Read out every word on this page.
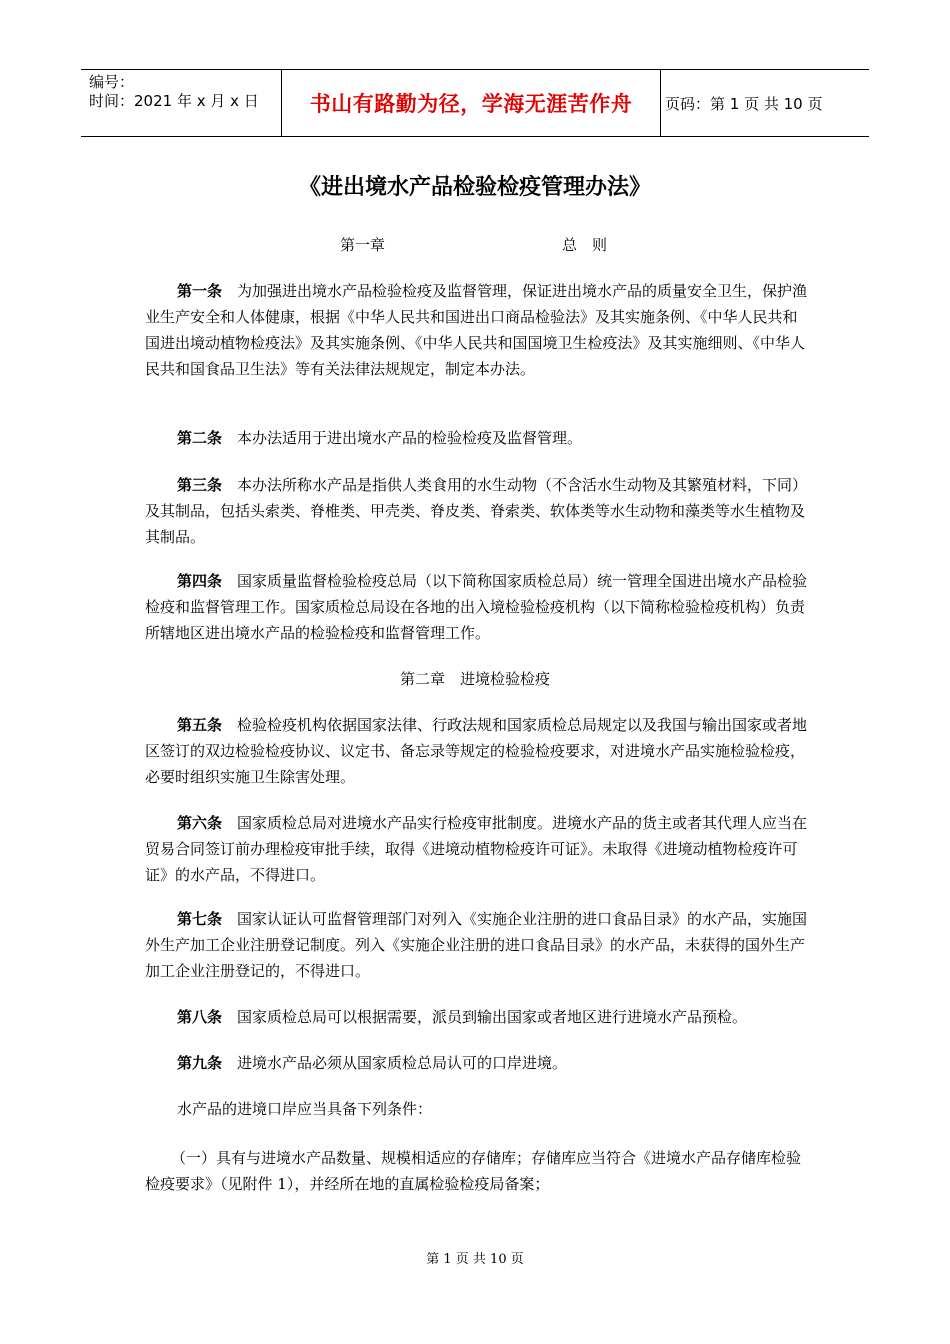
编号：
时间：2021 年 x 月 x 日	书山有路勤为径，学海无涯苦作舟	页码：第 1 页 共 10 页
《进出境水产品检验检疫管理办法》
第一章	总　则

第一条　 为加强进出境水产品检验检疫及监督管理，保证进出境水产品的质量安全卫生，保护渔业生产安全和人体健康，根据《中华人民共和国进出口商品检验法》及其实施条例、《中华人民共和国进出境动植物检疫法》及其实施条例、《中华人民共和国国境卫生检疫法》及其实施细则、《中华人民共和国食品卫生法》等有关法律法规规定，制定本办法。

第二条　 本办法适用于进出境水产品的检验检疫及监督管理。

第三条　 本办法所称水产品是指供人类食用的水生动物（不含活水生动物及其繁殖材料，下同）及其制品，包括头索类、脊椎类、甲壳类、脊皮类、脊索类、软体类等水生动物和藻类等水生植物及其制品。

第四条　 国家质量监督检验检疫总局（以下简称国家质检总局）统一管理全国进出境水产品检验检疫和监督管理工作。国家质检总局设在各地的出入境检验检疫机构（以下简称检验检疫机构）负责所辖地区进出境水产品的检验检疫和监督管理工作。

第二章　进境检验检疫

第五条　 检验检疫机构依据国家法律、行政法规和国家质检总局规定以及我国与输出国家或者地区签订的双边检验检疫协议、议定书、备忘录等规定的检验检疫要求，对进境水产品实施检验检疫，必要时组织实施卫生除害处理。

第六条　 国家质检总局对进境水产品实行检疫审批制度。进境水产品的货主或者其代理人应当在贸易合同签订前办理检疫审批手续，取得《进境动植物检疫许可证》。未取得《进境动植物检疫许可证》的水产品，不得进口。

第七条　 国家认证认可监督管理部门对列入《实施企业注册的进口食品目录》的水产品，实施国外生产加工企业注册登记制度。列入《实施企业注册的进口食品目录》的水产品，未获得的国外生产加工企业注册登记的，不得进口。

第八条　 国家质检总局可以根据需要，派员到输出国家或者地区进行进境水产品预检。

第九条　 进境水产品必须从国家质检总局认可的口岸进境。

水产品的进境口岸应当具备下列条件：

（一）具有与进境水产品数量、规模相适应的存储库；存储库应当符合《进境水产品存储库检验检疫要求》（见附件 1），并经所在地的直属检验检疫局备案；

第 1 页 共 10 页
